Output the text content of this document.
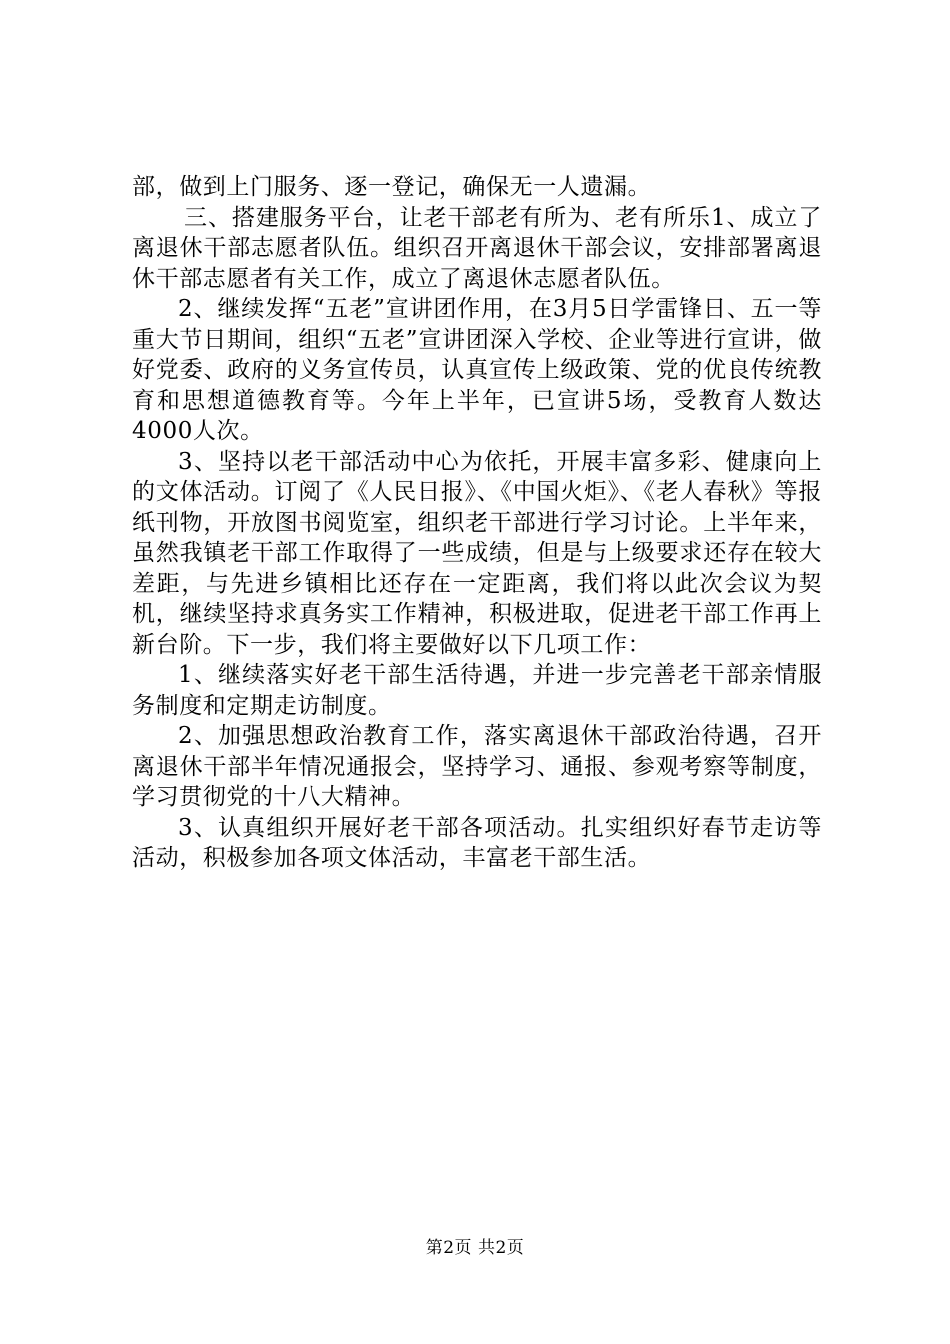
部，做到上门服务、逐一登记，确保无一人遗漏。

三、搭建服务平台，让老干部老有所为、老有所乐1、成立了离退休干部志愿者队伍。组织召开离退休干部会议，安排部署离退休干部志愿者有关工作，成立了离退休志愿者队伍。

2、继续发挥“五老”宣讲团作用，在3月5日学雷锋日、五一等重大节日期间，组织“五老”宣讲团深入学校、企业等进行宣讲，做好党委、政府的义务宣传员，认真宣传上级政策、党的优良传统教育和思想道德教育等。今年上半年，已宣讲5场，受教育人数达4000人次。

3、坚持以老干部活动中心为依托，开展丰富多彩、健康向上的文体活动。订阅了《人民日报》、《中国火炬》、《老人春秋》等报纸刊物，开放图书阅览室，组织老干部进行学习讨论。上半年来，虽然我镇老干部工作取得了一些成绩，但是与上级要求还存在较大差距，与先进乡镇相比还存在一定距离，我们将以此次会议为契机，继续坚持求真务实工作精神，积极进取，促进老干部工作再上新台阶。下一步，我们将主要做好以下几项工作：

1、继续落实好老干部生活待遇，并进一步完善老干部亲情服务制度和定期走访制度。

2、加强思想政治教育工作，落实离退休干部政治待遇，召开离退休干部半年情况通报会，坚持学习、通报、参观考察等制度，学习贯彻党的十八大精神。

3、认真组织开展好老干部各项活动。扎实组织好春节走访等活动，积极参加各项文体活动，丰富老干部生活。

第2页 共2页
